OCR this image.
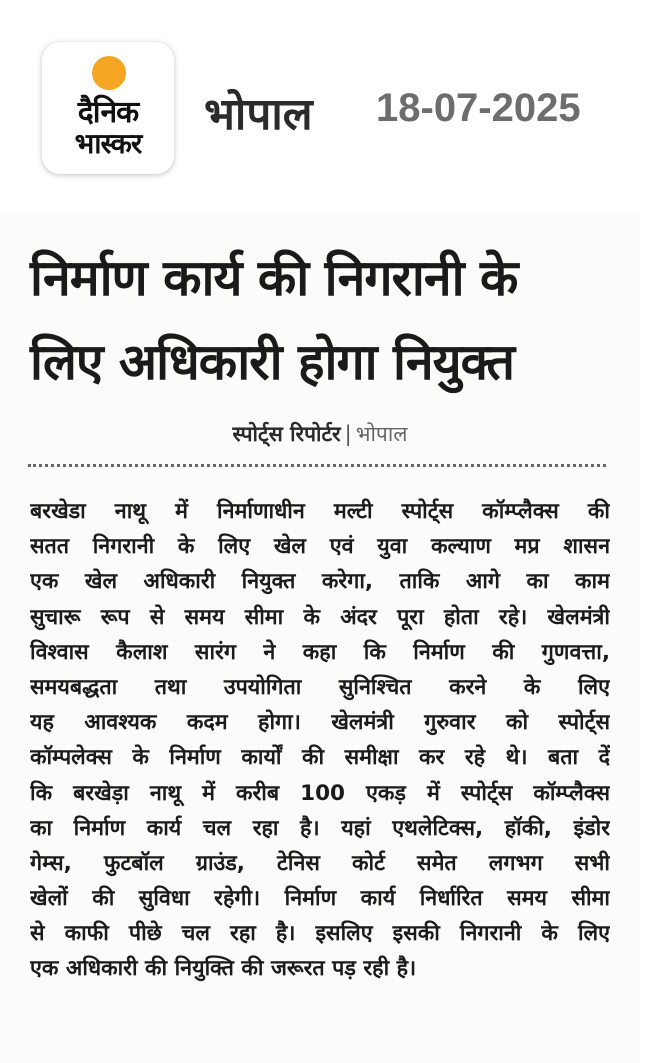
दैनिक
भास्कर
भोपाल 18-07-2025
निर्माण कार्य की निगरानी के
लिए अधिकारी होगा नियुक्त
स्पोर्ट्स रिपोर्टर | भोपाल
बरखेडा नाथू में निर्माणाधीन मल्टी स्पोर्ट्स कॉम्प्लैक्स की
सतत निगरानी के लिए खेल एवं युवा कल्याण मप्र शासन
एक खेल अधिकारी नियुक्त करेगा, ताकि आगे का काम
सुचारू रूप से समय सीमा के अंदर पूरा होता रहे। खेलमंत्री
विश्वास कैलाश सारंग ने कहा कि निर्माण की गुणवत्ता,
समयबद्धता तथा उपयोगिता सुनिश्चित करने के लिए
यह आवश्यक कदम होगा। खेलमंत्री गुरुवार को स्पोर्ट्स
कॉम्पलेक्स के निर्माण कार्यों की समीक्षा कर रहे थे। बता दें
कि बरखेड़ा नाथू में करीब 100 एकड़ में स्पोर्ट्स कॉम्प्लैक्स
का निर्माण कार्य चल रहा है। यहां एथलेटिक्स, हॉकी, इंडोर
गेम्स, फुटबॉल ग्राउंड, टेनिस कोर्ट समेत लगभग सभी
खेलों की सुविधा रहेगी। निर्माण कार्य निर्धारित समय सीमा
से काफी पीछे चल रहा है। इसलिए इसकी निगरानी के लिए
एक अधिकारी की नियुक्ति की जरूरत पड़ रही है।
